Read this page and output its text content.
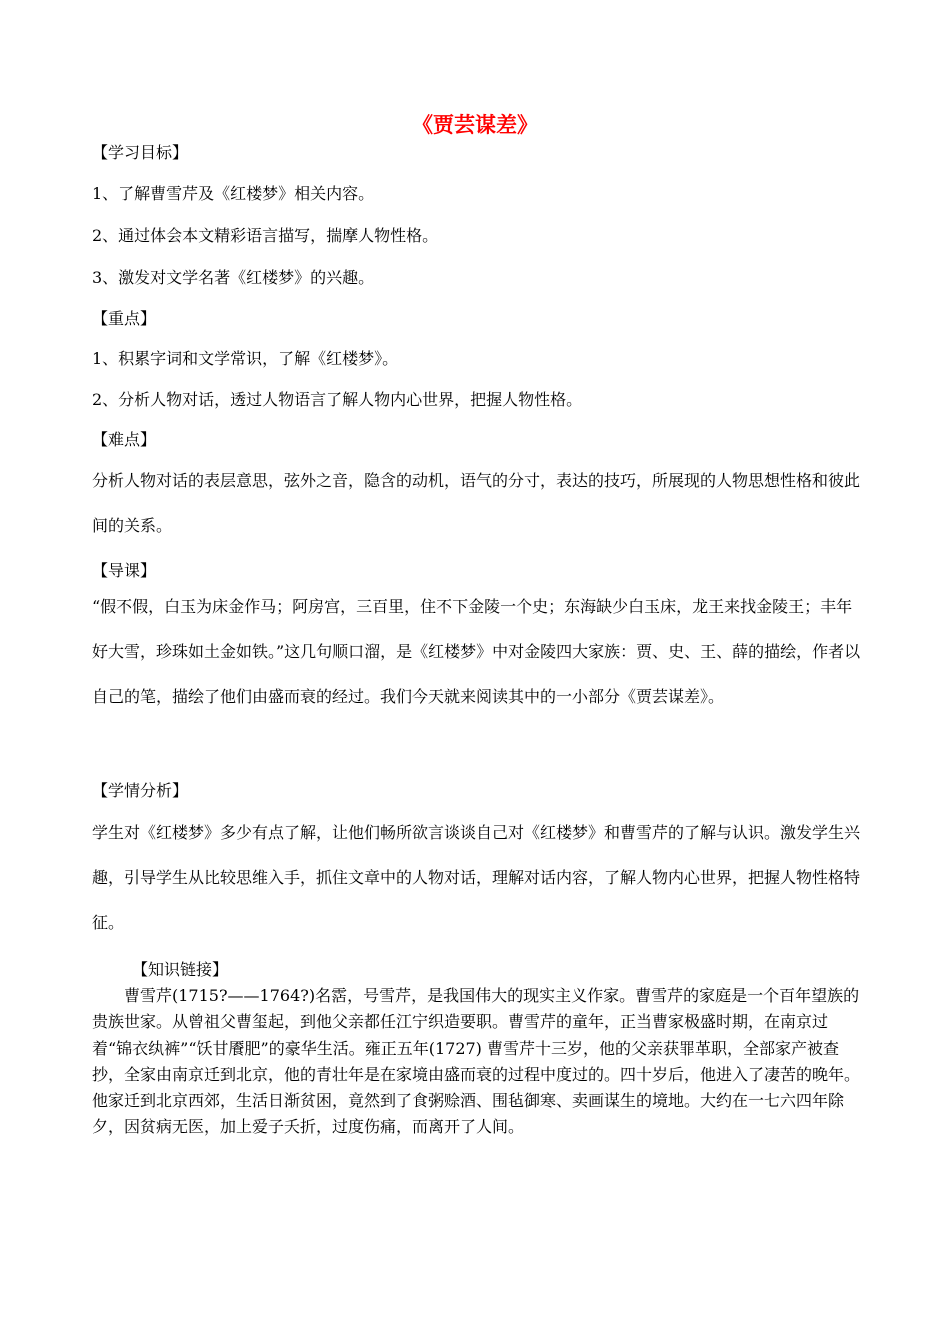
《贾芸谋差》
【学习目标】
1、了解曹雪芹及《红楼梦》相关内容。
2、通过体会本文精彩语言描写，揣摩人物性格。
3、激发对文学名著《红楼梦》的兴趣。
【重点】
1、积累字词和文学常识，了解《红楼梦》。
2、分析人物对话，透过人物语言了解人物内心世界，把握人物性格。
【难点】
分析人物对话的表层意思，弦外之音，隐含的动机，语气的分寸，表达的技巧，所展现的人物思想性格和彼此间的关系。
【导课】
“假不假，白玉为床金作马；阿房宫，三百里，住不下金陵一个史；东海缺少白玉床，龙王来找金陵王；丰年好大雪，珍珠如土金如铁。”这几句顺口溜，是《红楼梦》中对金陵四大家族：贾、史、王、薛的描绘，作者以自己的笔，描绘了他们由盛而衰的经过。我们今天就来阅读其中的一小部分《贾芸谋差》。
【学情分析】
学生对《红楼梦》多少有点了解，让他们畅所欲言谈谈自己对《红楼梦》和曹雪芹的了解与认识。激发学生兴趣，引导学生从比较思维入手，抓住文章中的人物对话，理解对话内容，了解人物内心世界，把握人物性格特征。
【知识链接】
曹雪芹(1715?——1764?)名霑，号雪芹，是我国伟大的现实主义作家。曹雪芹的家庭是一个百年望族的贵族世家。从曾祖父曹玺起，到他父亲都任江宁织造要职。曹雪芹的童年，正当曹家极盛时期，在南京过着“锦衣纨裤”“饫甘餍肥”的豪华生活。雍正五年(1727) 曹雪芹十三岁，他的父亲获罪革职，全部家产被查抄，全家由南京迁到北京，他的青壮年是在家境由盛而衰的过程中度过的。四十岁后，他进入了凄苦的晚年。他家迁到北京西郊，生活日渐贫困，竟然到了食粥赊酒、围毡御寒、卖画谋生的境地。大约在一七六四年除夕，因贫病无医，加上爱子夭折，过度伤痛，而离开了人间。
